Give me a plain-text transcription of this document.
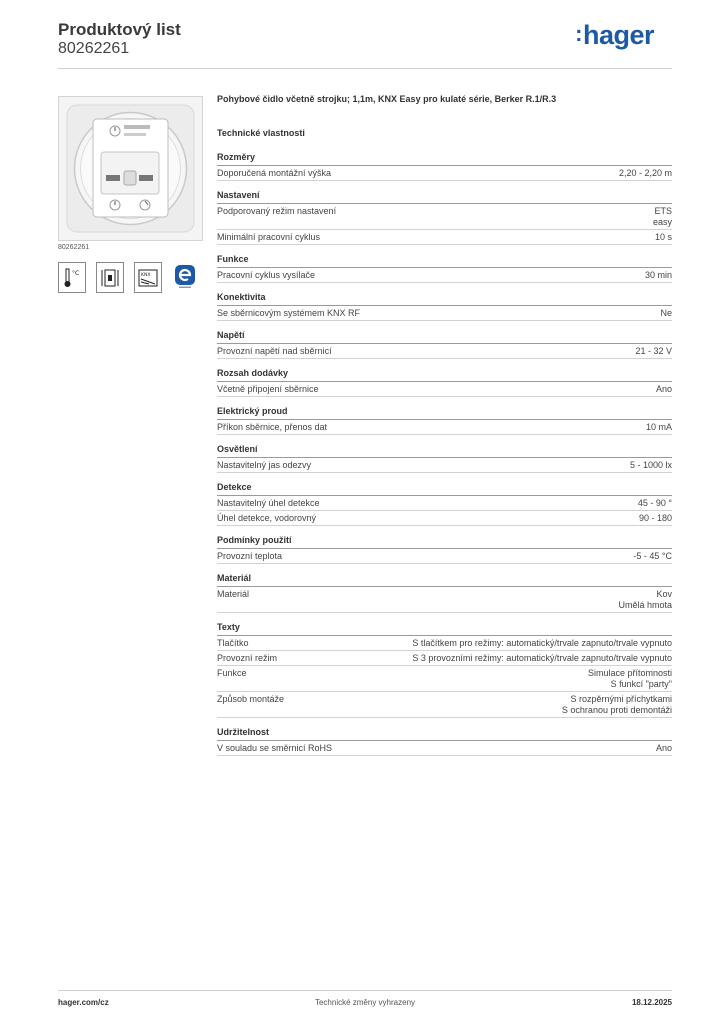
Produktový list
80262261
:hager
80262261
°C	KNX
Pohybové čidlo včetně strojku; 1,1m, KNX Easy pro kulaté série, Berker R.1/R.3
Technické vlastnosti
Rozměry
Doporučená montážní výška	2,20 - 2,20 m
Nastavení
Podporovaný režim nastavení	ETS
easy
Minimální pracovní cyklus	10 s
Funkce
Pracovní cyklus vysílače	30 min
Konektivita
Se sběrnicovým systémem KNX RF	Ne
Napětí
Provozní napětí nad sběrnicí	21 - 32 V
Rozsah dodávky
Včetně připojení sběrnice	Ano
Elektrický proud
Příkon sběrnice, přenos dat	10 mA
Osvětlení
Nastavitelný jas odezvy	5 - 1000 lx
Detekce
Nastavitelný úhel detekce	45 - 90 °
Úhel detekce, vodorovný	90 - 180
Podmínky použití
Provozní teplota	-5 - 45 °C
Materiál
Materiál	Kov
Umělá hmota
Texty
Tlačítko	S tlačítkem pro režimy: automatický/trvale zapnuto/trvale vypnuto
Provozní režim	S 3 provozními režimy: automatický/trvale zapnuto/trvale vypnuto
Funkce	Simulace přítomnosti
S funkcí "party"
Způsob montáže	S rozpěrnými příchytkami
S ochranou proti demontáži
Udržitelnost
V souladu se směrnicí RoHS	Ano
hager.com/cz	Technické změny vyhrazeny	18.12.2025
